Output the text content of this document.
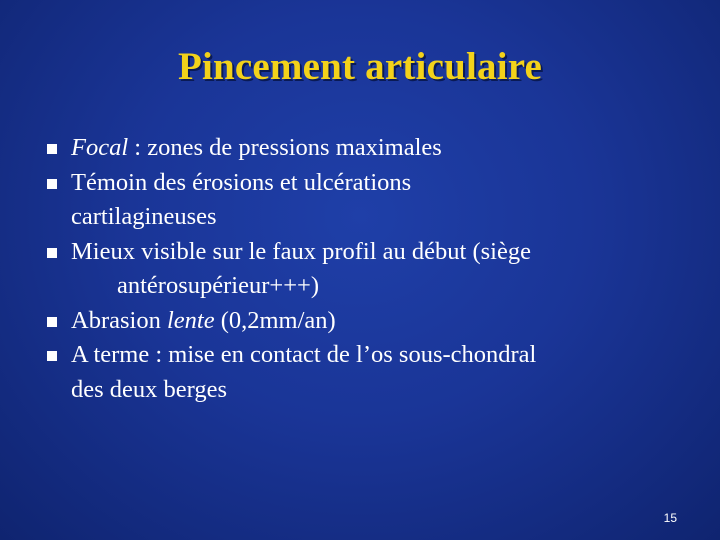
Pincement articulaire
Focal : zones de pressions maximales
Témoin des érosions et ulcérations
cartilagineuses
Mieux visible sur le faux profil au début (siège
antérosupérieur+++)
Abrasion lente (0,2mm/an)
A terme : mise en contact de l’os sous-chondral
des deux berges
15
